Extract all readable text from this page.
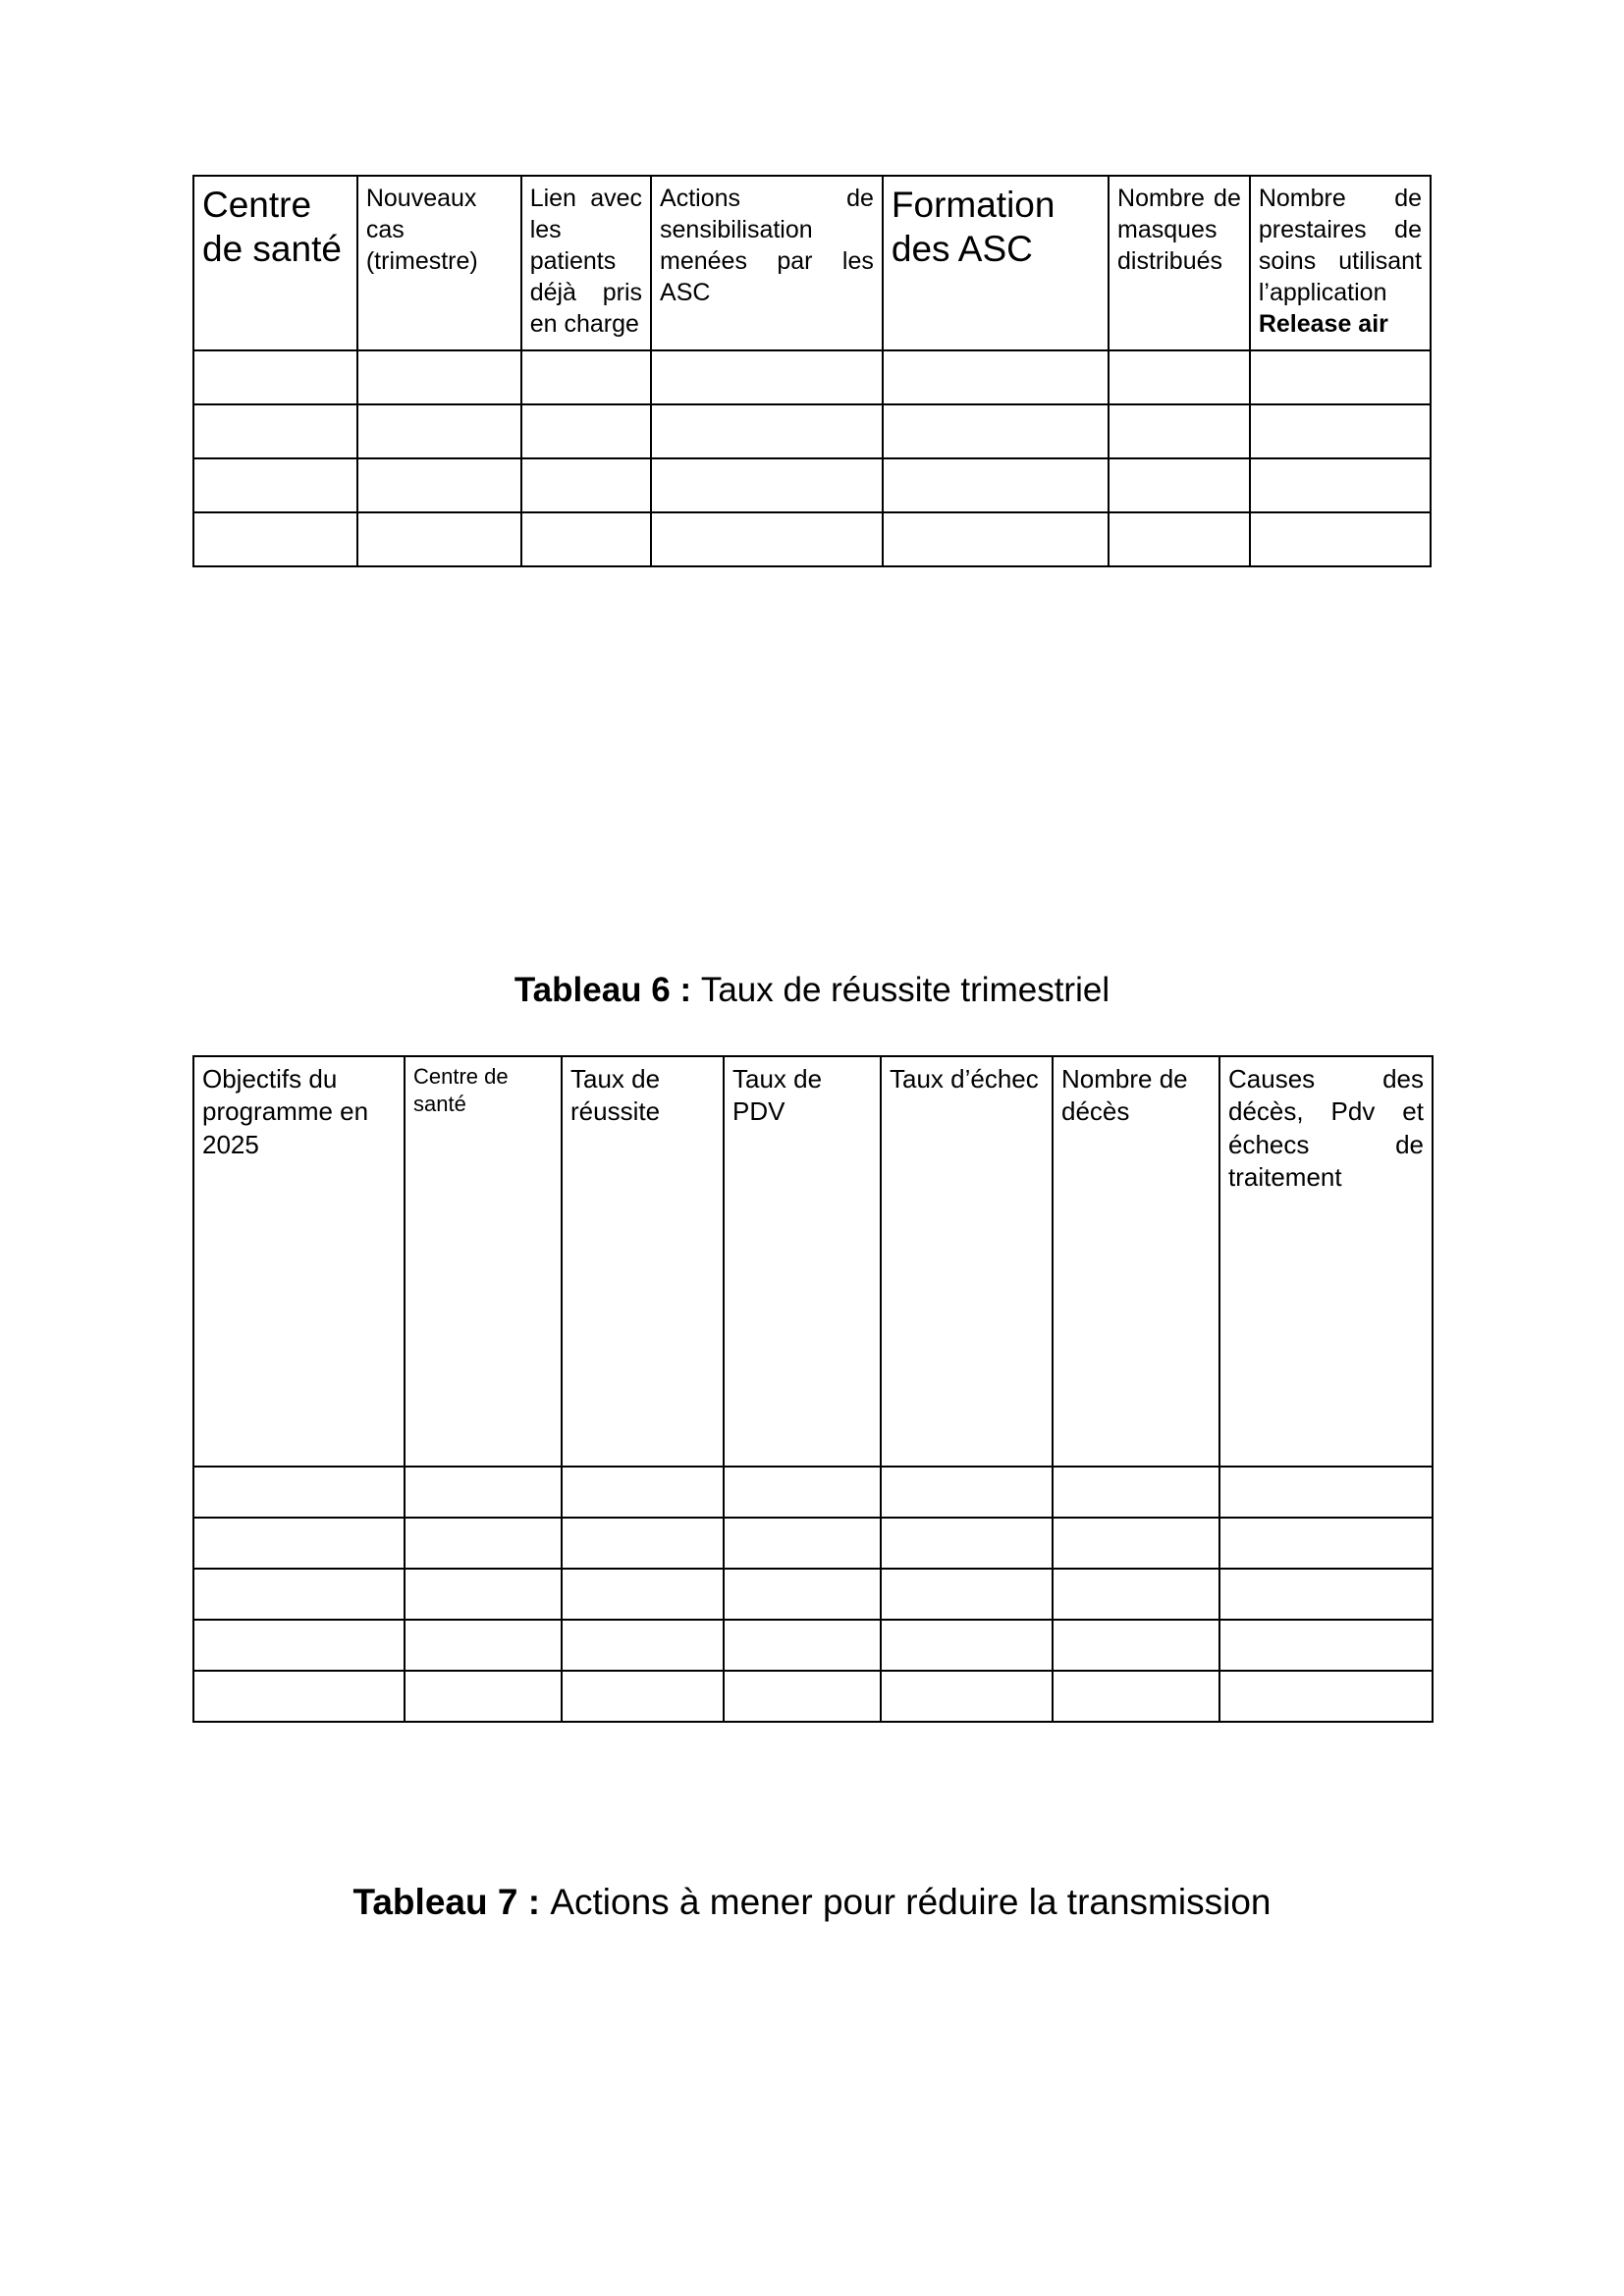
Centre de santé	Nouveaux cas (trimestre)	Lien avec les patients déjà pris en charge	Actions de sensibilisation menées par les ASC	Formation des ASC	Nombre de masques distribués	Nombre de prestaires de soins utilisant l’application Release air

Tableau 6 : Taux de réussite trimestriel
Objectifs du programme en 2025	Centre de santé	Taux de réussite	Taux de PDV	Taux d’échec	Nombre de décès	Causes des décès, Pdv et échecs de traitement

Tableau 7 : Actions à mener pour réduire la transmission
